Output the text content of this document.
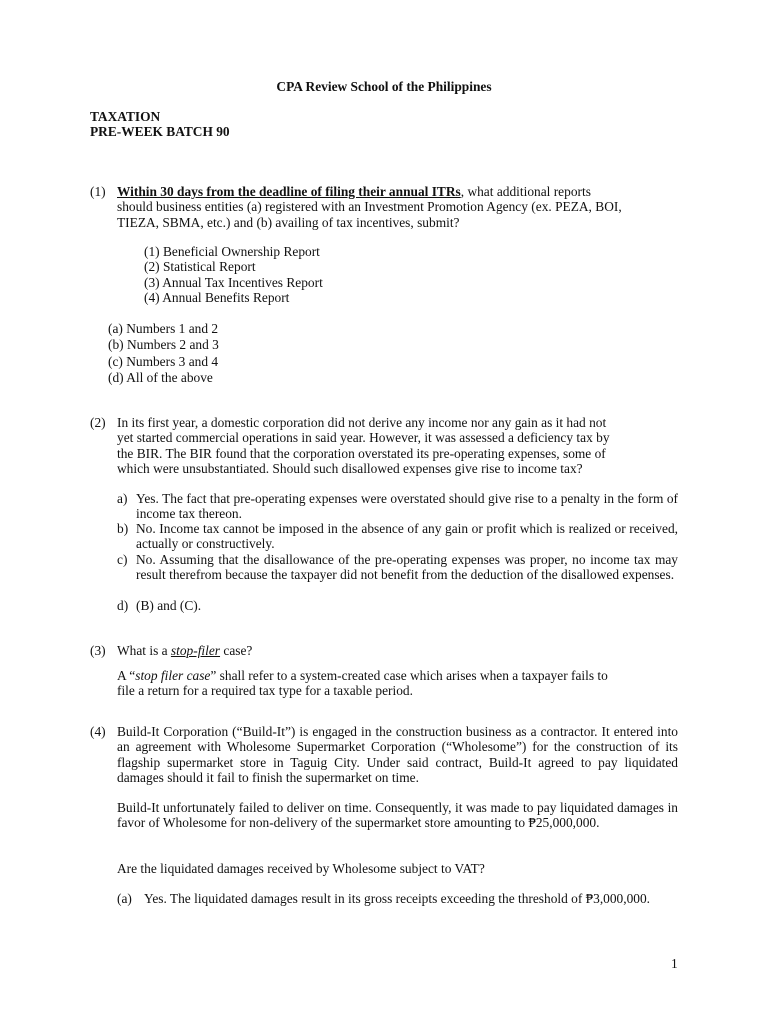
CPA Review School of the Philippines
TAXATION
PRE-WEEK BATCH 90
(1) Within 30 days from the deadline of filing their annual ITRs, what additional reports

should business entities (a) registered with an Investment Promotion Agency (ex. PEZA, BOI,

TIEZA, SBMA, etc.) and (b) availing of tax incentives, submit?

(1) Beneficial Ownership Report

(2) Statistical Report

(3) Annual Tax Incentives Report

(4) Annual Benefits Report

(a) Numbers 1 and 2

(b) Numbers 2 and 3

(c) Numbers 3 and 4

(d) All of the above

(2) In its first year, a domestic corporation did not derive any income nor any gain as it had not

yet started commercial operations in said year. However, it was assessed a deficiency tax by

the BIR. The BIR found that the corporation overstated its pre-operating expenses, some of

which were unsubstantiated. Should such disallowed expenses give rise to income tax?

a) Yes. The fact that pre-operating expenses were overstated should give rise to a penalty in the form of income tax thereon.
b) No. Income tax cannot be imposed in the absence of any gain or profit which is realized or received, actually or constructively.
c) No. Assuming that the disallowance of the pre-operating expenses was proper, no income tax may result therefrom because the taxpayer did not benefit from the deduction of the disallowed expenses.
d) (B) and (C).
(3) What is a stop-filer case?

A “stop filer case” shall refer to a system-created case which arises when a taxpayer fails to

file a return for a required tax type for a taxable period.

(4) Build-It Corporation (“Build-It”) is engaged in the construction business as a contractor. It entered into an agreement with Wholesome Supermarket Corporation (“Wholesome”) for the construction of its flagship supermarket store in Taguig City. Under said contract, Build-It agreed to pay liquidated damages should it fail to finish the supermarket on time.
Build-It unfortunately failed to deliver on time. Consequently, it was made to pay liquidated damages in favor of Wholesome for non-delivery of the supermarket store amounting to ₱25,000,000.
Are the liquidated damages received by Wholesome subject to VAT?
(a) Yes. The liquidated damages result in its gross receipts exceeding the threshold of ₱3,000,000.
1
